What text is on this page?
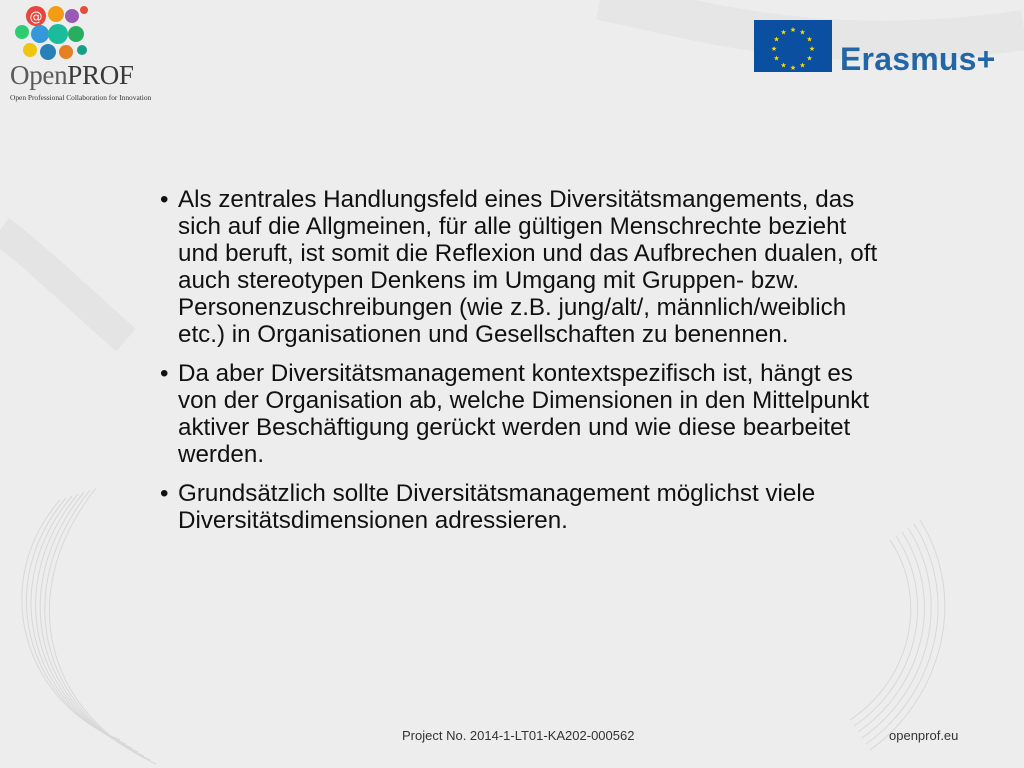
@
OpenPROF
Open Professional Collaboration for Innovation
★ ★
★
★
★
★
★
★
★
★
★
★
Erasmus+
• Als zentrales Handlungsfeld eines Diversitätsmangements, das sich auf die Allgmeinen, für alle gültigen Menschrechte bezieht und beruft, ist somit die Reflexion und das Aufbrechen dualen, oft auch stereotypen Denkens im Umgang mit Gruppen- bzw. Personenzuschreibungen (wie z.B. jung/alt/, männlich/weiblich etc.) in Organisationen und Gesellschaften zu benennen.
• Da aber Diversitätsmanagement kontextspezifisch ist, hängt es von der Organisation ab, welche Dimensionen in den Mittelpunkt aktiver Beschäftigung gerückt werden und wie diese bearbeitet werden.
• Grundsätzlich sollte Diversitätsmanagement möglichst viele Diversitätsdimensionen adressieren.
Project No. 2014-1-LT01-KA202-000562	openprof.eu
